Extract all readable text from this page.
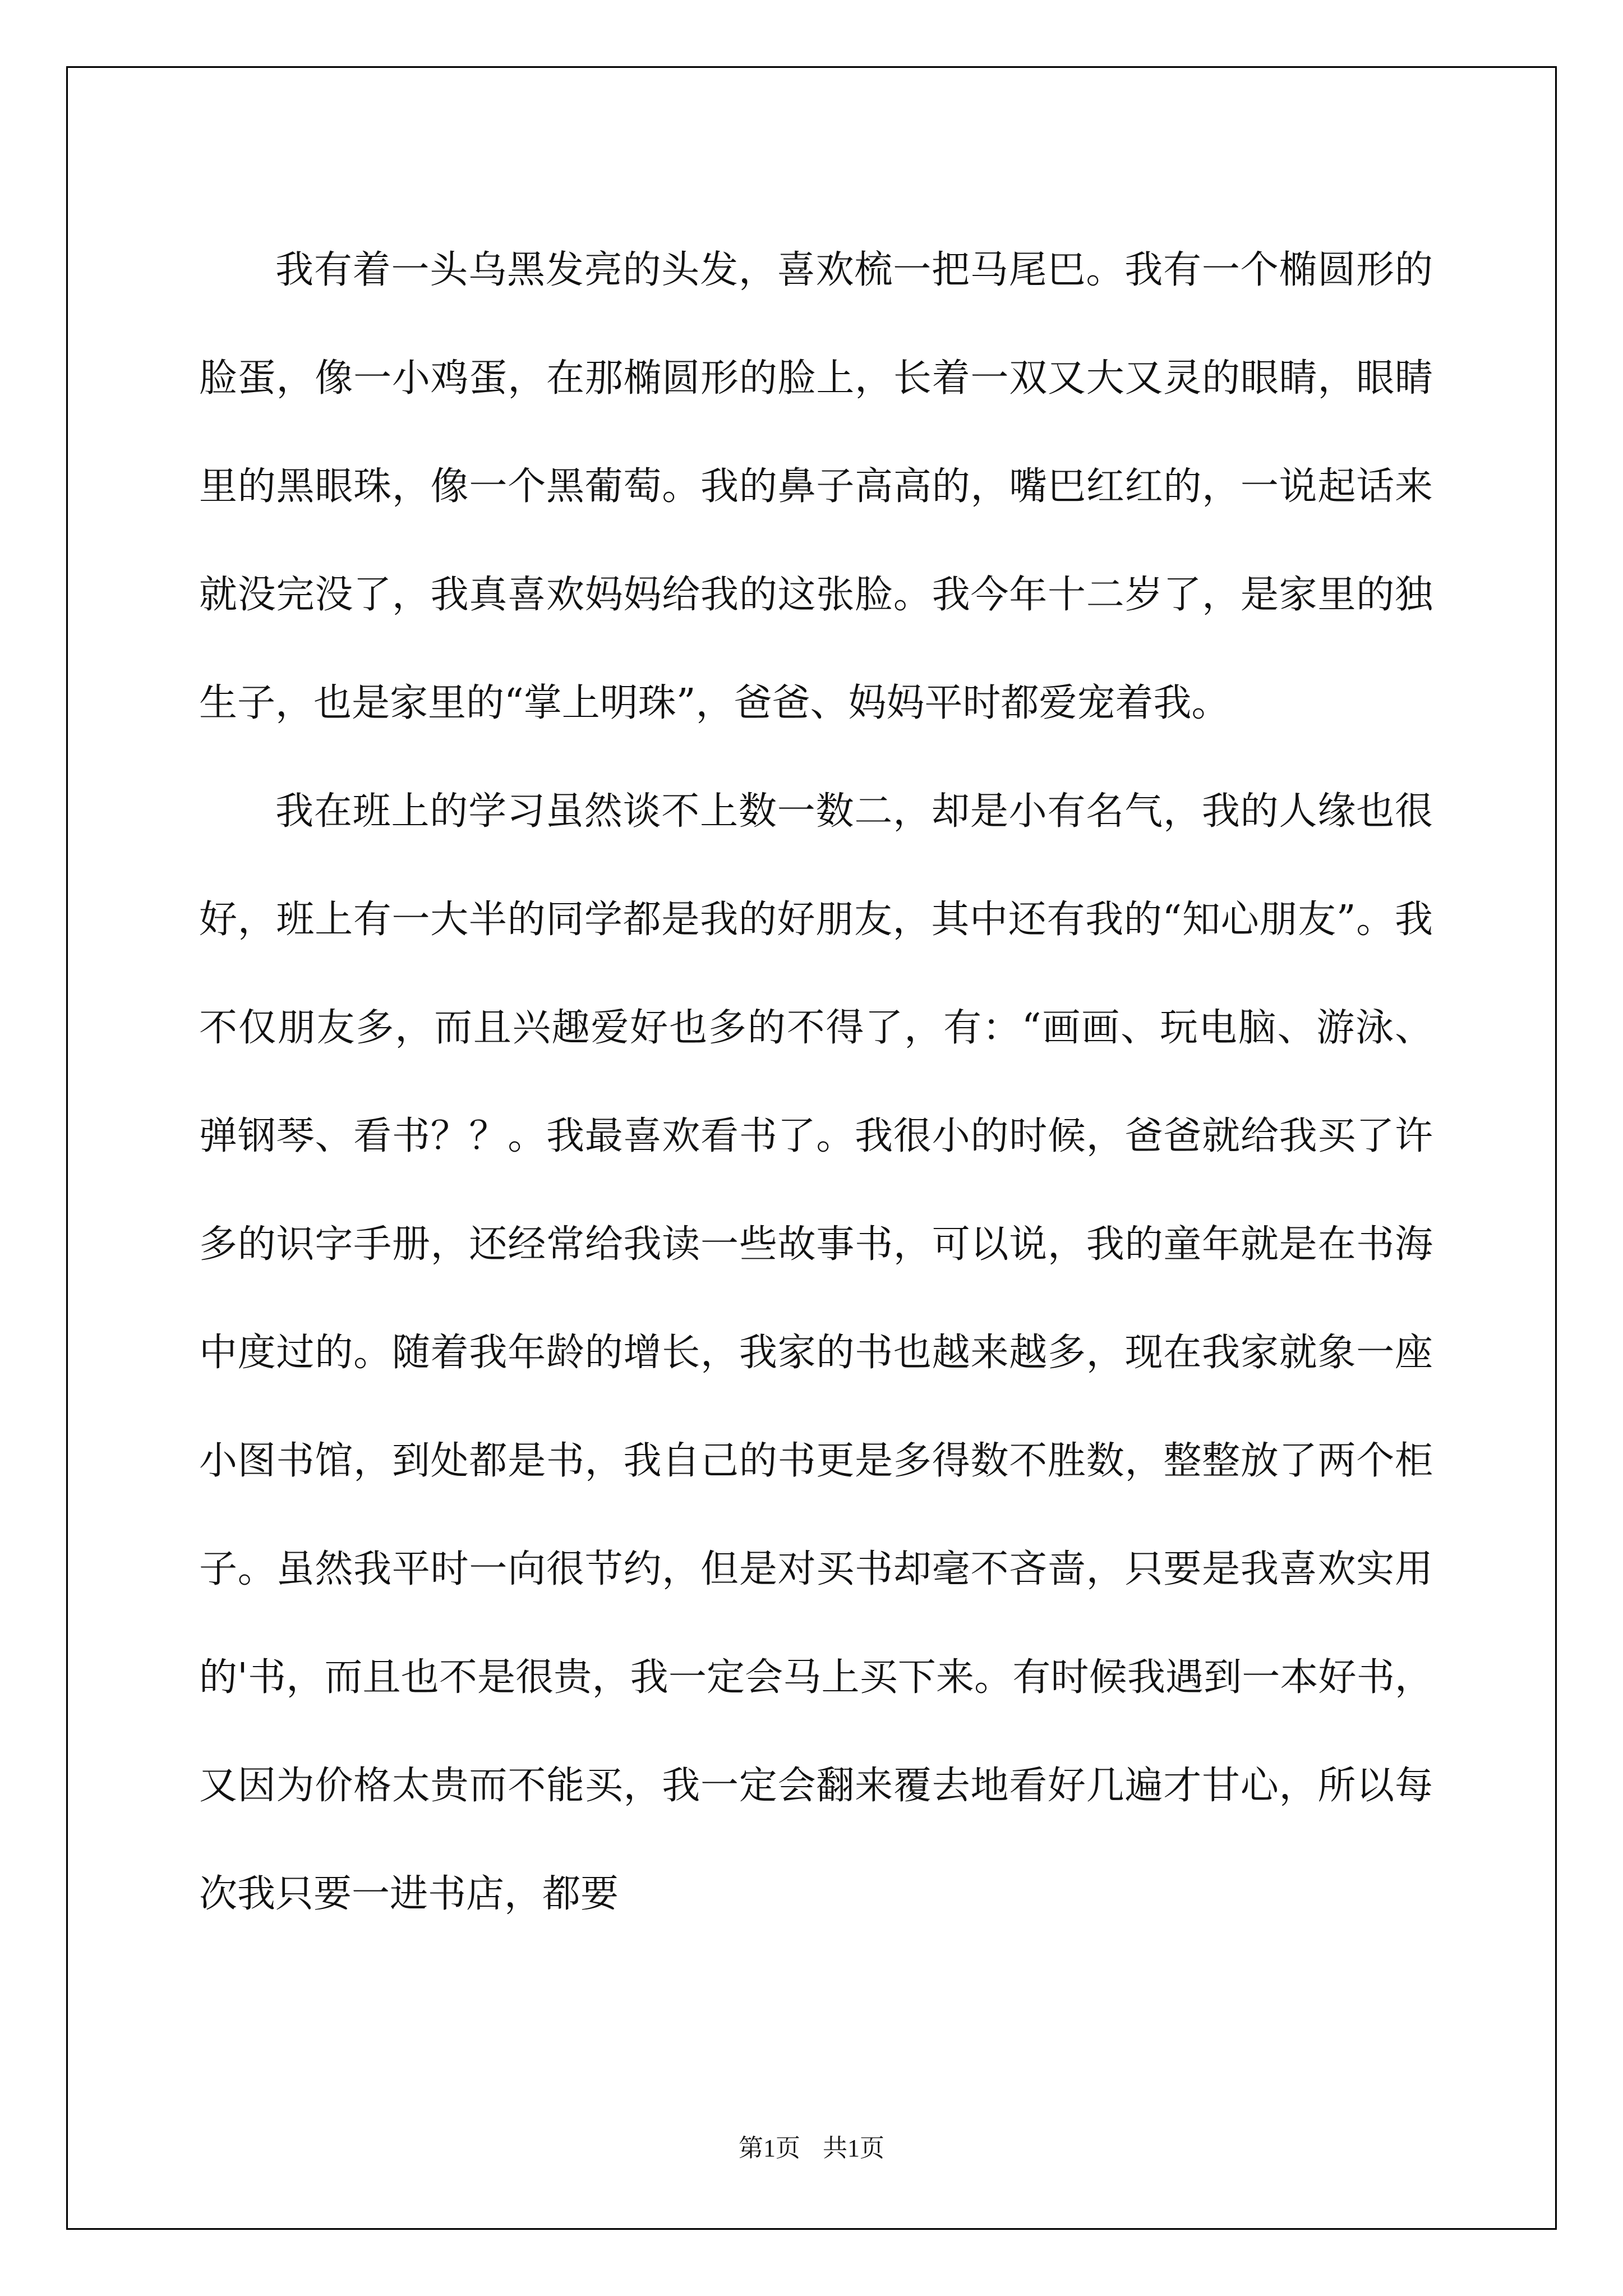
我有着一头乌黑发亮的头发，喜欢梳一把马尾巴。我有一个椭圆形的脸蛋，像一小鸡蛋，在那椭圆形的脸上，长着一双又大又灵的眼睛，眼睛里的黑眼珠，像一个黑葡萄。我的鼻子高高的，嘴巴红红的，一说起话来就没完没了，我真喜欢妈妈给我的这张脸。我今年十二岁了，是家里的独生子，也是家里的“掌上明珠”，爸爸、妈妈平时都爱宠着我。

我在班上的学习虽然谈不上数一数二，却是小有名气，我的人缘也很好，班上有一大半的同学都是我的好朋友，其中还有我的“知心朋友”。我不仅朋友多，而且兴趣爱好也多的不得了，有：“画画、玩电脑、游泳、弹钢琴、看书？？。我最喜欢看书了。我很小的时候，爸爸就给我买了许多的识字手册，还经常给我读一些故事书，可以说，我的童年就是在书海中度过的。随着我年龄的增长，我家的书也越来越多，现在我家就象一座小图书馆，到处都是书，我自己的书更是多得数不胜数，整整放了两个柜子。虽然我平时一向很节约，但是对买书却毫不吝啬，只要是我喜欢实用的'书，而且也不是很贵，我一定会马上买下来。有时候我遇到一本好书，又因为价格太贵而不能买，我一定会翻来覆去地看好几遍才甘心，所以每次我只要一进书店，都要

第1页 共1页
